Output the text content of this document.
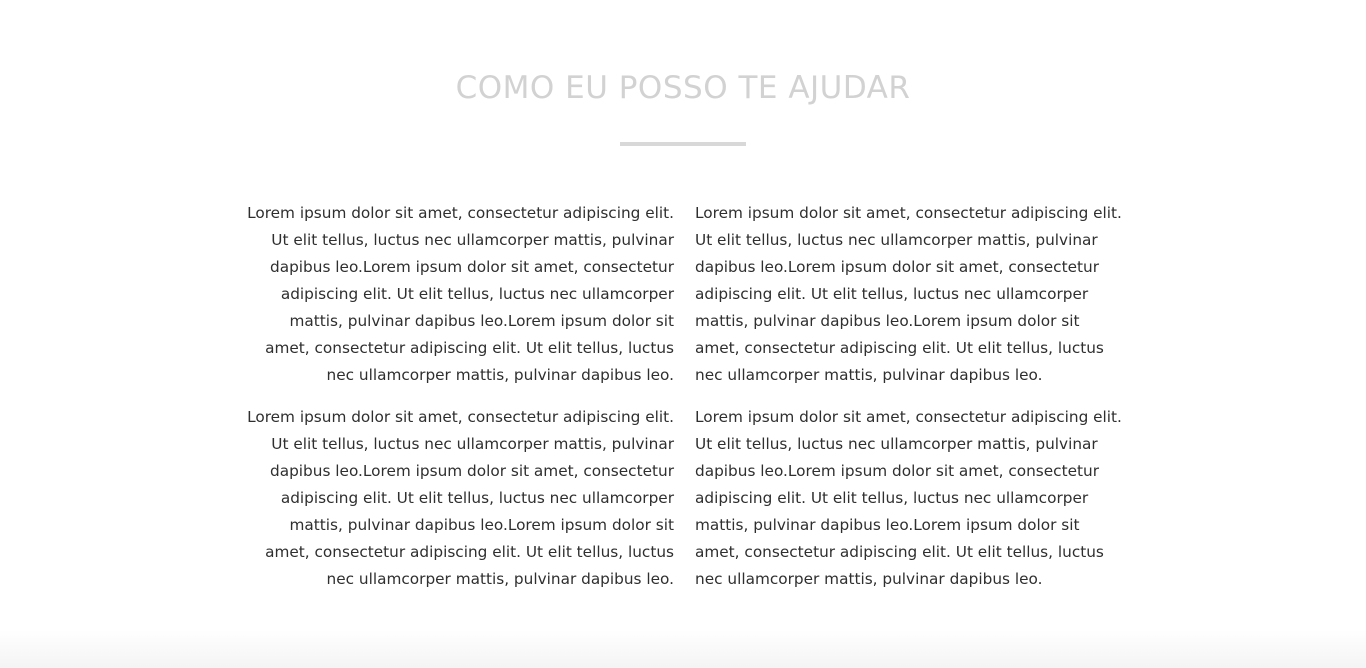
COMO EU POSSO TE AJUDAR

Lorem ipsum dolor sit amet, consectetur adipiscing elit.
Ut elit tellus, luctus nec ullamcorper mattis, pulvinar
dapibus leo.Lorem ipsum dolor sit amet, consectetur
adipiscing elit. Ut elit tellus, luctus nec ullamcorper
mattis, pulvinar dapibus leo.Lorem ipsum dolor sit
amet, consectetur adipiscing elit. Ut elit tellus, luctus
nec ullamcorper mattis, pulvinar dapibus leo.

Lorem ipsum dolor sit amet, consectetur adipiscing elit.
Ut elit tellus, luctus nec ullamcorper mattis, pulvinar
dapibus leo.Lorem ipsum dolor sit amet, consectetur
adipiscing elit. Ut elit tellus, luctus nec ullamcorper
mattis, pulvinar dapibus leo.Lorem ipsum dolor sit
amet, consectetur adipiscing elit. Ut elit tellus, luctus
nec ullamcorper mattis, pulvinar dapibus leo.

Lorem ipsum dolor sit amet, consectetur adipiscing elit.
Ut elit tellus, luctus nec ullamcorper mattis, pulvinar
dapibus leo.Lorem ipsum dolor sit amet, consectetur
adipiscing elit. Ut elit tellus, luctus nec ullamcorper
mattis, pulvinar dapibus leo.Lorem ipsum dolor sit
amet, consectetur adipiscing elit. Ut elit tellus, luctus
nec ullamcorper mattis, pulvinar dapibus leo.

Lorem ipsum dolor sit amet, consectetur adipiscing elit.
Ut elit tellus, luctus nec ullamcorper mattis, pulvinar
dapibus leo.Lorem ipsum dolor sit amet, consectetur
adipiscing elit. Ut elit tellus, luctus nec ullamcorper
mattis, pulvinar dapibus leo.Lorem ipsum dolor sit
amet, consectetur adipiscing elit. Ut elit tellus, luctus
nec ullamcorper mattis, pulvinar dapibus leo.
